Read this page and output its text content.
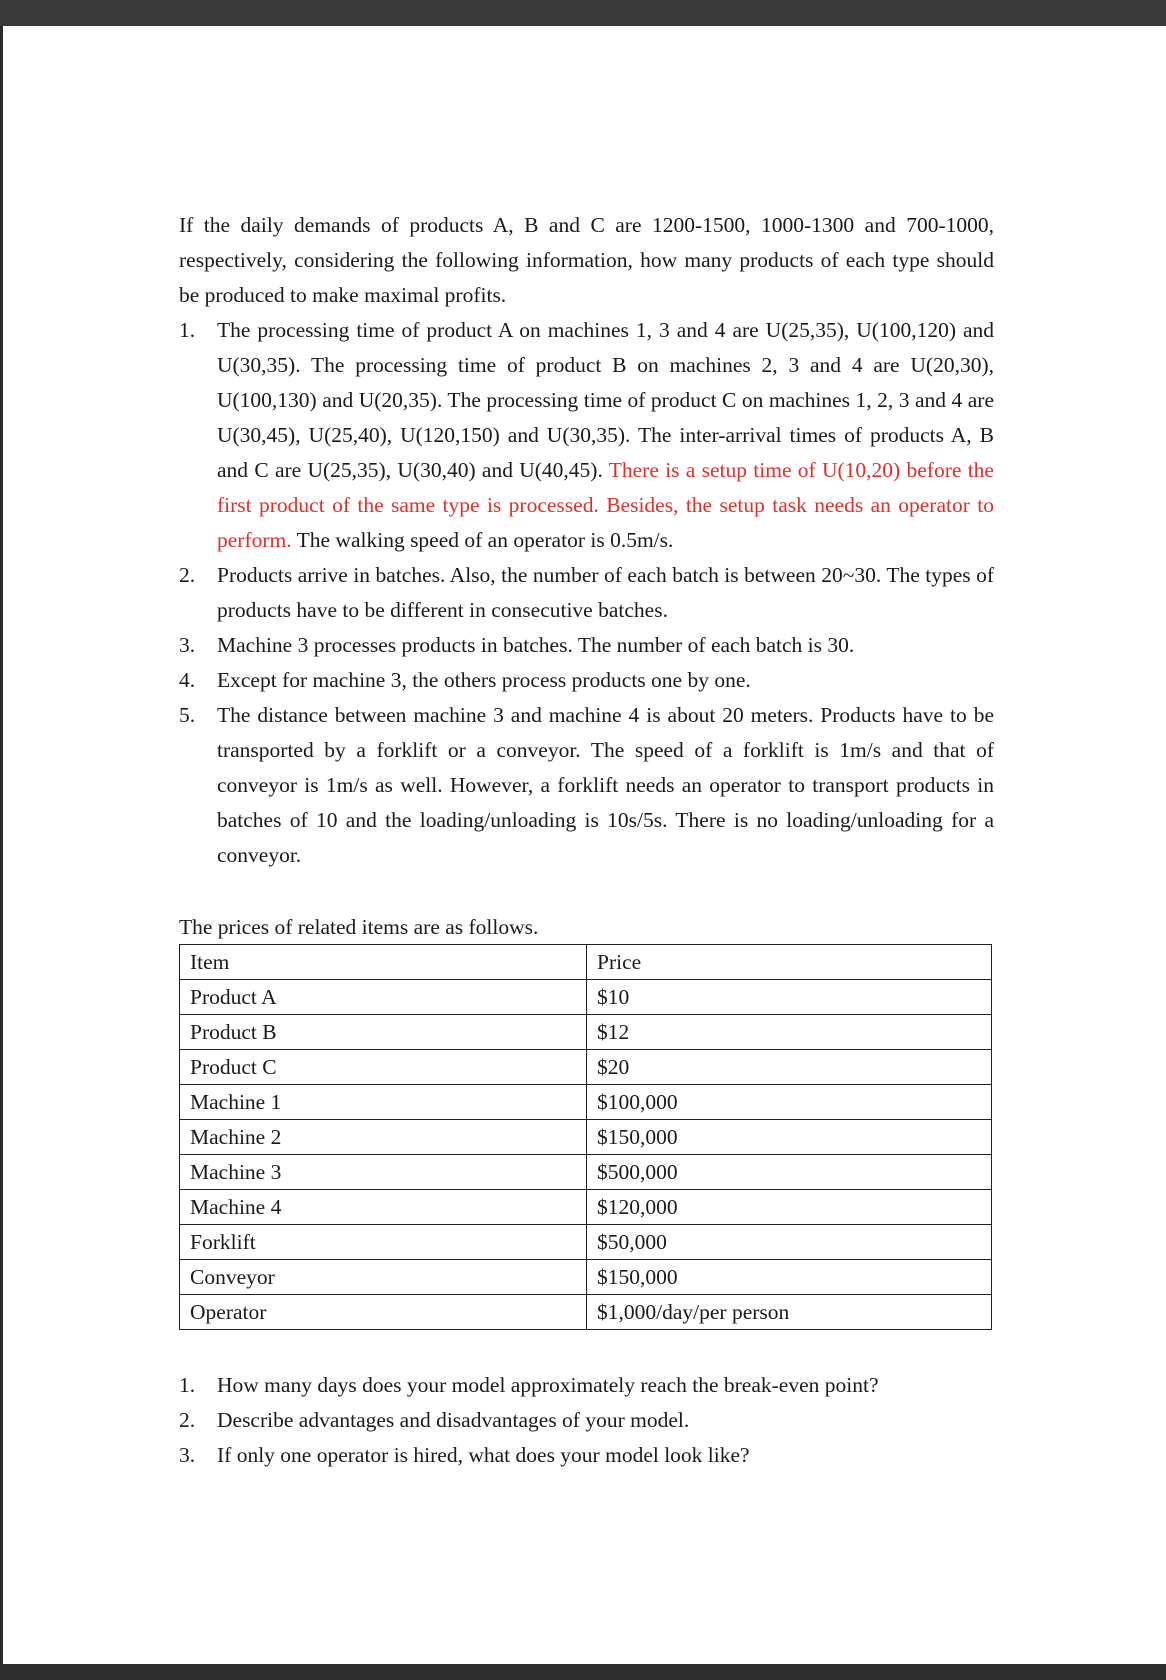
If the daily demands of products A, B and C are 1200-1500, 1000-1300 and 700-1000, respectively, considering the following information, how many products of each type should be produced to make maximal profits.

The processing time of product A on machines 1, 3 and 4 are U(25,35), U(100,120) and U(30,35). The processing time of product B on machines 2, 3 and 4 are U(20,30), U(100,130) and U(20,35). The processing time of product C on machines 1, 2, 3 and 4 are U(30,45), U(25,40), U(120,150) and U(30,35). The inter-arrival times of products A, B and C are U(25,35), U(30,40) and U(40,45). There is a setup time of U(10,20) before the first product of the same type is processed. Besides, the setup task needs an operator to perform. The walking speed of an operator is 0.5m/s.
Products arrive in batches. Also, the number of each batch is between 20~30. The types of products have to be different in consecutive batches.
Machine 3 processes products in batches. The number of each batch is 30.
Except for machine 3, the others process products one by one.
The distance between machine 3 and machine 4 is about 20 meters. Products have to be transported by a forklift or a conveyor. The speed of a forklift is 1m/s and that of conveyor is 1m/s as well. However, a forklift needs an operator to transport products in batches of 10 and the loading/unloading is 10s/5s. There is no loading/unloading for a conveyor.

The prices of related items are as follows.

Item	Price
Product A	$10
Product B	$12
Product C	$20
Machine 1	$100,000
Machine 2	$150,000
Machine 3	$500,000
Machine 4	$120,000
Forklift	$50,000
Conveyor	$150,000
Operator	$1,000/day/per person
How many days does your model approximately reach the break-even point?
Describe advantages and disadvantages of your model.
If only one operator is hired, what does your model look like?
